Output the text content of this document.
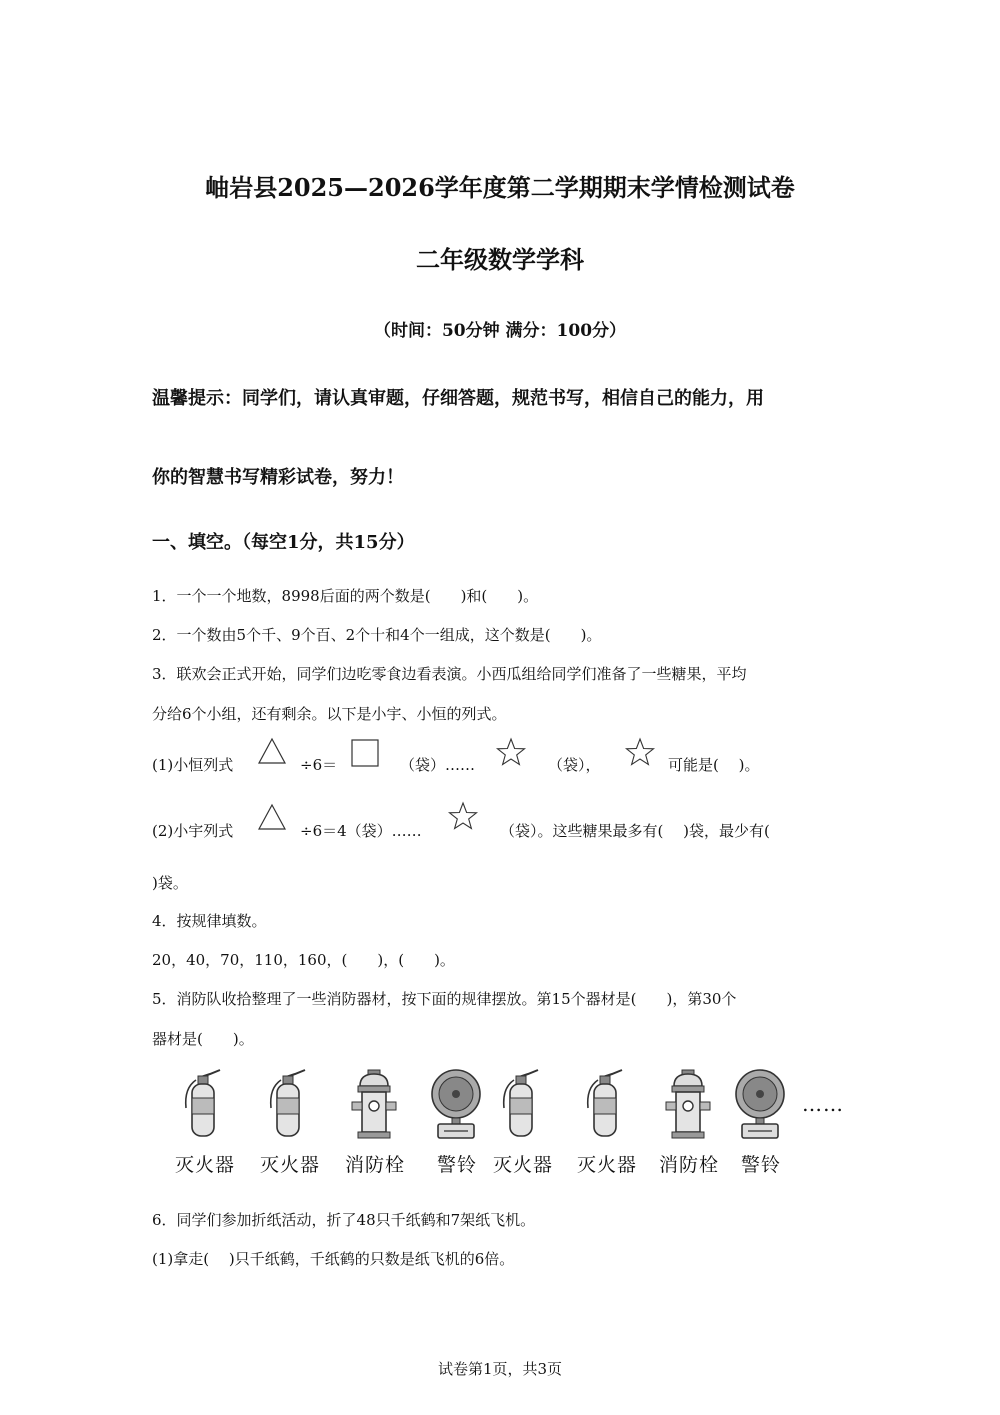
岫岩县2025—2026学年度第二学期期末学情检测试卷
二年级数学学科
（时间：50分钟 满分：100分）
温馨提示：同学们，请认真审题，仔细答题，规范书写，相信自己的能力，用
你的智慧书写精彩试卷，努力！
一、填空。（每空1分，共15分）
1．一个一个地数，8998后面的两个数是(　　)和(　　)。
2．一个数由5个千、9个百、2个十和4个一组成，这个数是(　　)。
3．联欢会正式开始，同学们边吃零食边看表演。小西瓜组给同学们准备了一些糖果，平均
分给6个小组，还有剩余。以下是小宇、小恒的列式。
(1)小恒列式	÷6＝	（袋）……	（袋），	可能是(　 )。
(2)小宇列式	÷6＝4（袋）……	（袋）。这些糖果最多有(　 )袋，最少有(
)袋。
4．按规律填数。
20，40，70，110，160，(　　)，(　　)。
5．消防队收拾整理了一些消防器材，按下面的规律摆放。第15个器材是(　　)，第30个
器材是(　　)。
灭火器	灭火器	消防栓	警铃 灭火器	灭火器	消防栓	警铃
……
6．同学们参加折纸活动，折了48只千纸鹤和7架纸飞机。
(1)拿走(　 )只千纸鹤，千纸鹤的只数是纸飞机的6倍。
试卷第1页，共3页
